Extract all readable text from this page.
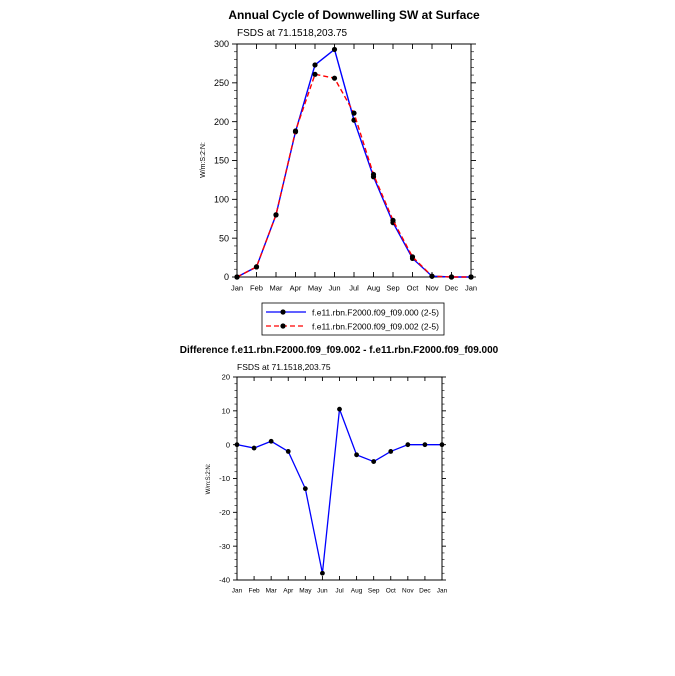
Annual Cycle of Downwelling SW at Surface
FSDS at 71.1518,203.75
W/m:S:2:N:
Jan Feb Mar Apr May Jun Jul Aug Sep Oct Nov Dec Jan
0
50
100
150
200
250
300
f.e11.rbn.F2000.f09_f09.000 (2-5)
f.e11.rbn.F2000.f09_f09.002 (2-5)
Difference f.e11.rbn.F2000.f09_f09.002 - f.e11.rbn.F2000.f09_f09.000
FSDS at 71.1518,203.75
W/m:S:2:N:
Jan Feb Mar Apr May Jun Jul Aug Sep Oct Nov Dec Jan
-40
-30
-20
-10
0
10
20
